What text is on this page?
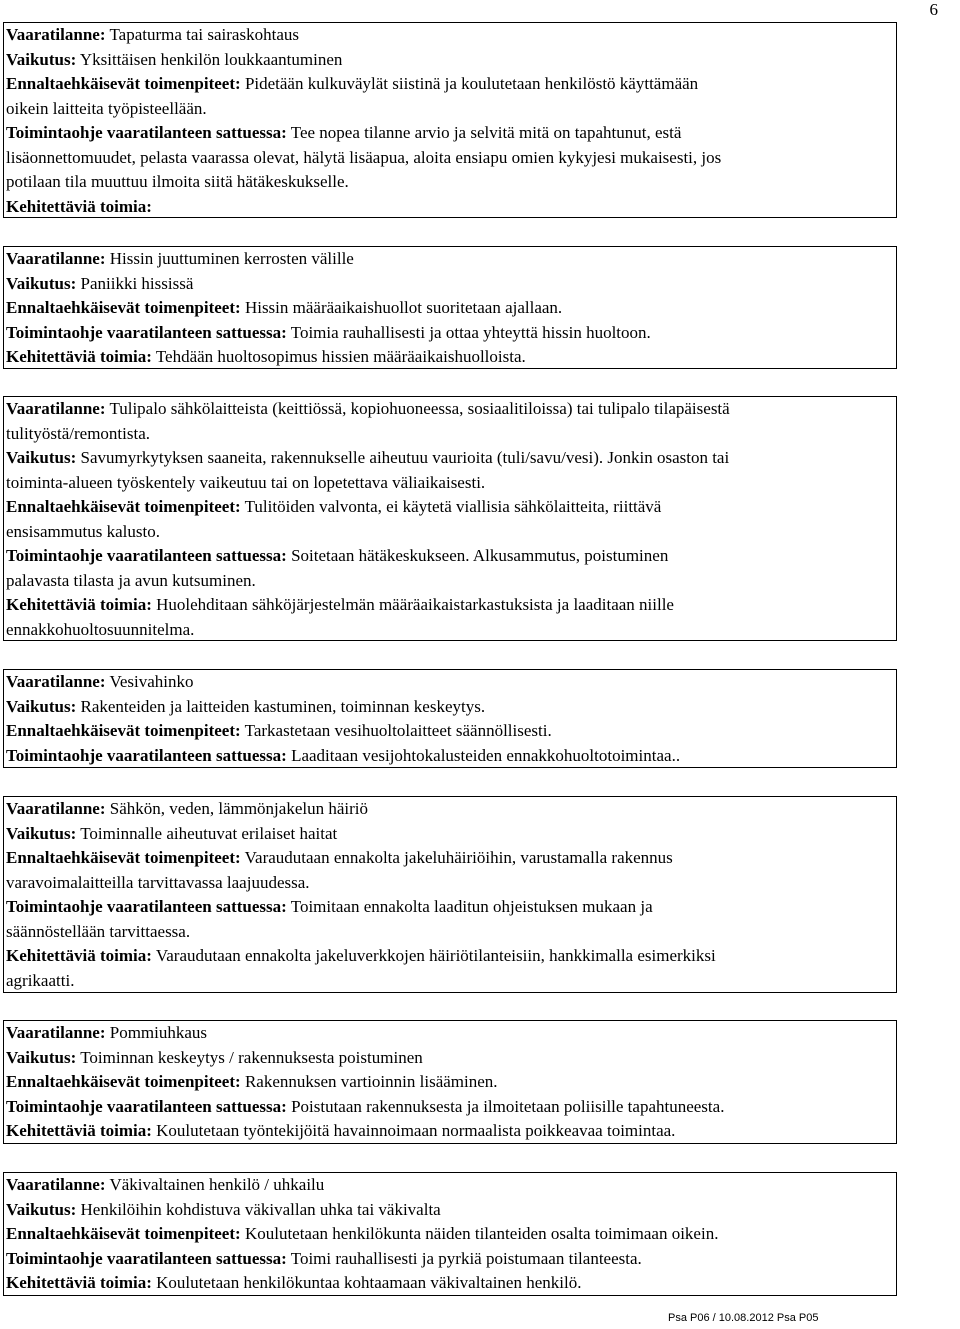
6
Vaaratilanne: Tapaturma tai sairaskohtaus
Vaikutus: Yksittäisen henkilön loukkaantuminen
Ennaltaehkäisevät toimenpiteet: Pidetään kulkuväylät siistinä ja koulutetaan henkilöstö käyttämään
oikein laitteita työpisteellään.
Toimintaohje vaaratilanteen sattuessa: Tee nopea tilanne arvio ja selvitä mitä on tapahtunut, estä
lisäonnettomuudet, pelasta vaarassa olevat, hälytä lisäapua, aloita ensiapu omien kykyjesi mukaisesti, jos
potilaan tila muuttuu ilmoita siitä hätäkeskukselle.
Kehitettäviä toimia:
Vaaratilanne: Hissin juuttuminen kerrosten välille
Vaikutus: Paniikki hississä
Ennaltaehkäisevät toimenpiteet: Hissin määräaikaishuollot suoritetaan ajallaan.
Toimintaohje vaaratilanteen sattuessa: Toimia rauhallisesti ja ottaa yhteyttä hissin huoltoon.
Kehitettäviä toimia: Tehdään huoltosopimus hissien määräaikaishuolloista.
Vaaratilanne: Tulipalo sähkölaitteista (keittiössä, kopiohuoneessa, sosiaalitiloissa) tai tulipalo tilapäisestä
tulityöstä/remontista.
Vaikutus: Savumyrkytyksen saaneita, rakennukselle aiheutuu vaurioita (tuli/savu/vesi). Jonkin osaston tai
toiminta-alueen työskentely vaikeutuu tai on lopetettava väliaikaisesti.
Ennaltaehkäisevät toimenpiteet: Tulitöiden valvonta, ei käytetä viallisia sähkölaitteita, riittävä
ensisammutus kalusto.
Toimintaohje vaaratilanteen sattuessa: Soitetaan hätäkeskukseen. Alkusammutus, poistuminen
palavasta tilasta ja avun kutsuminen.
Kehitettäviä toimia: Huolehditaan sähköjärjestelmän määräaikaistarkastuksista ja laaditaan niille
ennakkohuoltosuunnitelma.
Vaaratilanne: Vesivahinko
Vaikutus: Rakenteiden ja laitteiden kastuminen, toiminnan keskeytys.
Ennaltaehkäisevät toimenpiteet: Tarkastetaan vesihuoltolaitteet säännöllisesti.
Toimintaohje vaaratilanteen sattuessa: Laaditaan vesijohtokalusteiden ennakkohuoltotoimintaa..
Vaaratilanne: Sähkön, veden, lämmönjakelun häiriö
Vaikutus: Toiminnalle aiheutuvat erilaiset haitat
Ennaltaehkäisevät toimenpiteet: Varaudutaan ennakolta jakeluhäiriöihin, varustamalla rakennus
varavoimalaitteilla tarvittavassa laajuudessa.
Toimintaohje vaaratilanteen sattuessa: Toimitaan ennakolta laaditun ohjeistuksen mukaan ja
säännöstellään tarvittaessa.
Kehitettäviä toimia: Varaudutaan ennakolta jakeluverkkojen häiriötilanteisiin, hankkimalla esimerkiksi
agrikaatti.
Vaaratilanne: Pommiuhkaus
Vaikutus: Toiminnan keskeytys / rakennuksesta poistuminen
Ennaltaehkäisevät toimenpiteet: Rakennuksen vartioinnin lisääminen.
Toimintaohje vaaratilanteen sattuessa: Poistutaan rakennuksesta ja ilmoitetaan poliisille tapahtuneesta.
Kehitettäviä toimia: Koulutetaan työntekijöitä havainnoimaan normaalista poikkeavaa toimintaa.
Vaaratilanne: Väkivaltainen henkilö / uhkailu
Vaikutus: Henkilöihin kohdistuva väkivallan uhka tai väkivalta
Ennaltaehkäisevät toimenpiteet: Koulutetaan henkilökunta näiden tilanteiden osalta toimimaan oikein.
Toimintaohje vaaratilanteen sattuessa: Toimi rauhallisesti ja pyrkiä poistumaan tilanteesta.
Kehitettäviä toimia: Koulutetaan henkilökuntaa kohtaamaan väkivaltainen henkilö.
Psa P06 / 10.08.2012 Psa P05
